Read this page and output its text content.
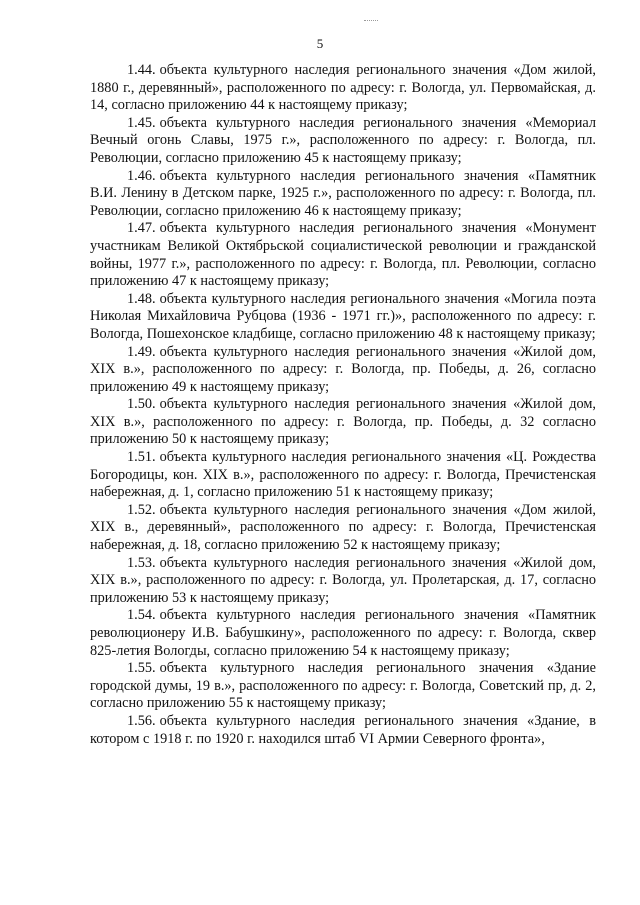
5

1.44. объекта культурного наследия регионального значения «Дом жилой, 1880 г., деревянный», расположенного по адресу: г. Вологда, ул. Первомайская, д. 14, согласно приложению 44 к настоящему приказу;

1.45. объекта культурного наследия регионального значения «Мемориал Вечный огонь Славы, 1975 г.», расположенного по адресу: г. Вологда, пл. Революции, согласно приложению 45 к настоящему приказу;

1.46. объекта культурного наследия регионального значения «Памятник В.И. Ленину в Детском парке, 1925 г.», расположенного по адресу: г. Вологда, пл. Революции, согласно приложению 46 к настоящему приказу;

1.47. объекта культурного наследия регионального значения «Монумент участникам Великой Октябрьской социалистической революции и гражданской войны, 1977 г.», расположенного по адресу: г. Вологда, пл. Революции, согласно приложению 47 к настоящему приказу;

1.48. объекта культурного наследия регионального значения «Могила поэта Николая Михайловича Рубцова (1936 - 1971 гг.)», расположенного по адресу: г. Вологда, Пошехонское кладбище, согласно приложению 48 к настоящему приказу;

1.49. объекта культурного наследия регионального значения «Жилой дом, XIX в.», расположенного по адресу: г. Вологда, пр. Победы, д. 26, согласно приложению 49 к настоящему приказу;

1.50. объекта культурного наследия регионального значения «Жилой дом, XIX в.», расположенного по адресу: г. Вологда, пр. Победы, д. 32 согласно приложению 50 к настоящему приказу;

1.51. объекта культурного наследия регионального значения «Ц. Рождества Богородицы, кон. XIX в.», расположенного по адресу: г. Вологда, Пречистенская набережная, д. 1, согласно приложению 51 к настоящему приказу;

1.52. объекта культурного наследия регионального значения «Дом жилой, XIX в., деревянный», расположенного по адресу: г. Вологда, Пречистенская набережная, д. 18, согласно приложению 52 к настоящему приказу;

1.53. объекта культурного наследия регионального значения «Жилой дом, XIX в.», расположенного по адресу: г. Вологда, ул. Пролетарская, д. 17, согласно приложению 53 к настоящему приказу;

1.54. объекта культурного наследия регионального значения «Памятник революционеру И.В. Бабушкину», расположенного по адресу: г. Вологда, сквер 825-летия Вологды, согласно приложению 54 к настоящему приказу;

1.55. объекта культурного наследия регионального значения «Здание городской думы, 19 в.», расположенного по адресу: г. Вологда, Советский пр, д. 2, согласно приложению 55 к настоящему приказу;

1.56. объекта культурного наследия регионального значения «Здание, в котором с 1918 г. по 1920 г. находился штаб VI Армии Северного фронта»,
